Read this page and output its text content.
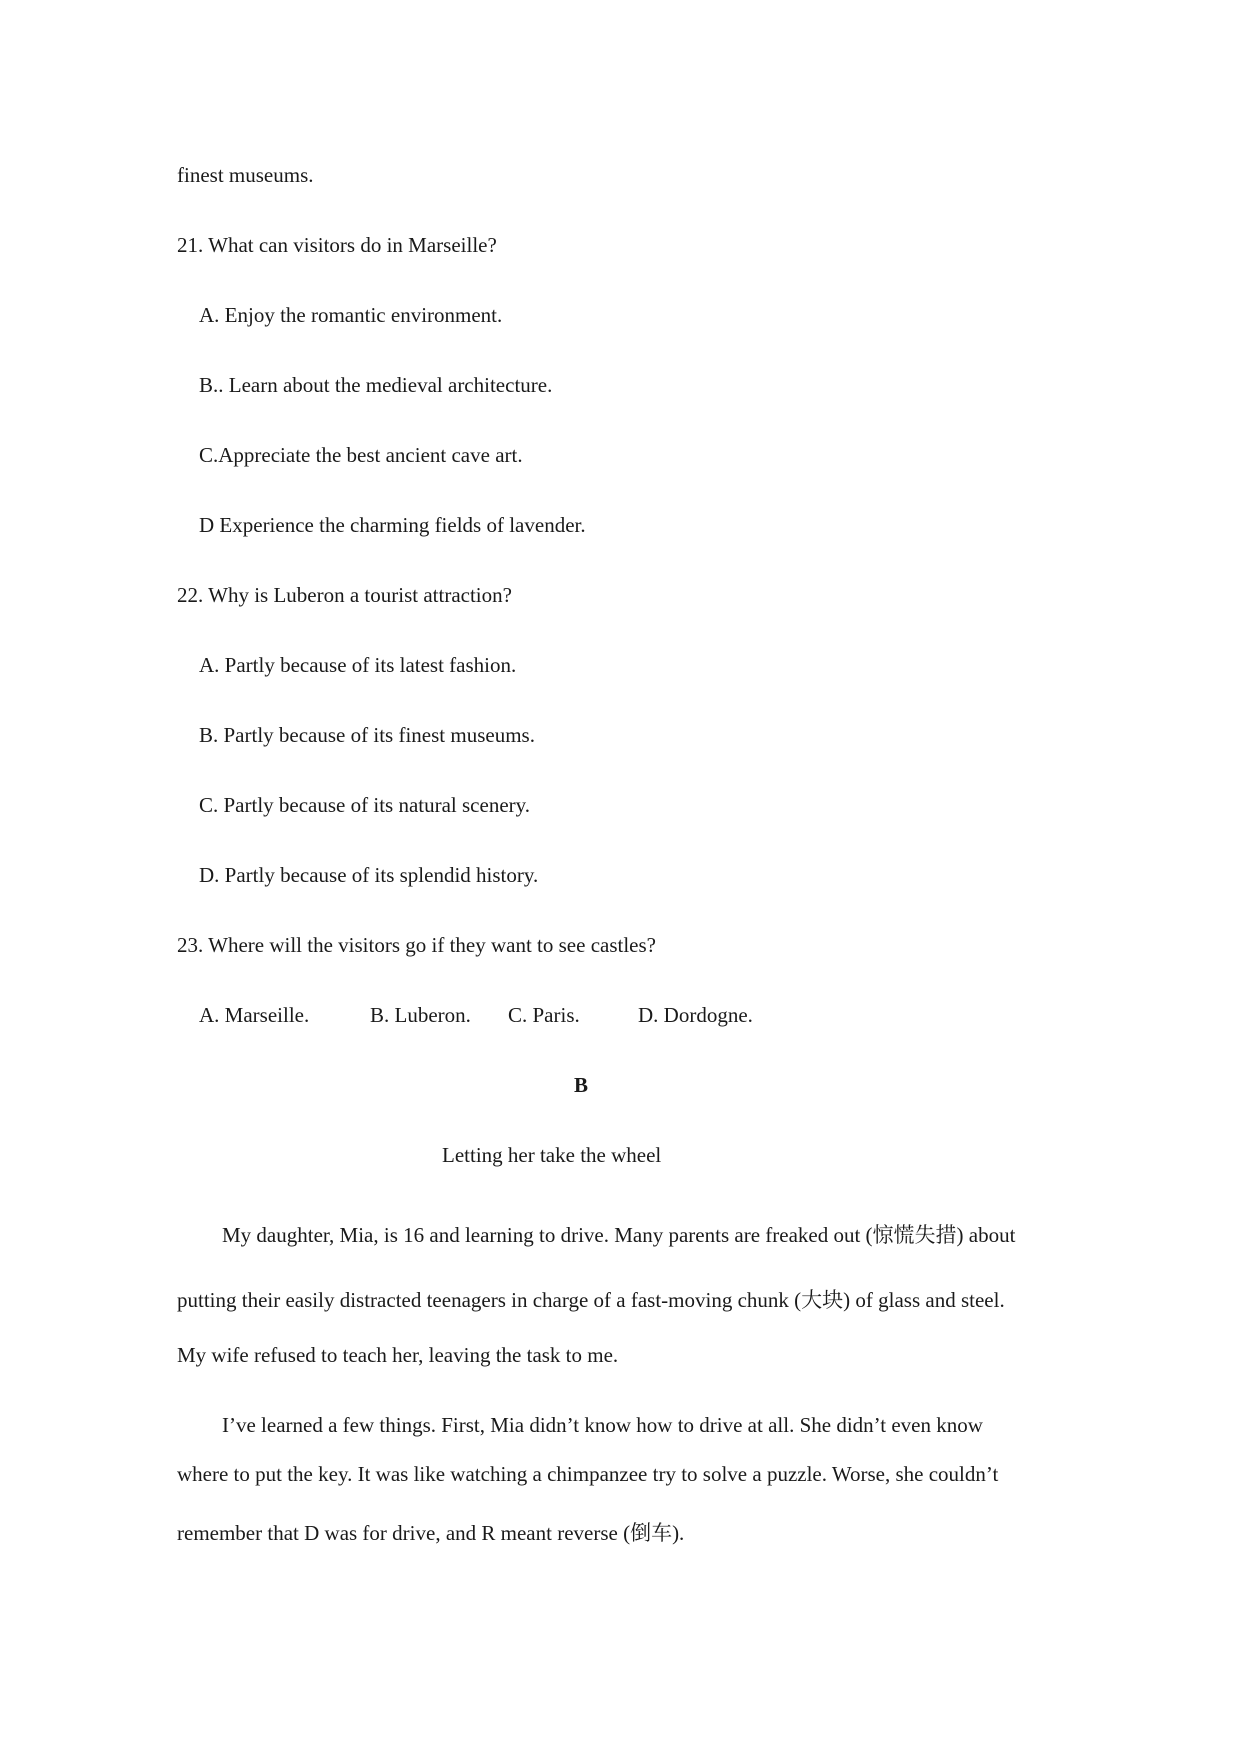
finest museums.
21. What can visitors do in Marseille?
A. Enjoy the romantic environment.
B.. Learn about the medieval architecture.
C.Appreciate the best ancient cave art.
D Experience the charming fields of lavender.
22. Why is Luberon a tourist attraction?
A. Partly because of its latest fashion.
B. Partly because of its finest museums.
C. Partly because of its natural scenery.
D. Partly because of its splendid history.
23. Where will the visitors go if they want to see castles?
A. Marseille.	B. Luberon.	C. Paris.	D. Dordogne.
B
Letting her take the wheel
My daughter, Mia, is 16 and learning to drive. Many parents are freaked out (惊慌失措) about
putting their easily distracted teenagers in charge of a fast-moving chunk (大块) of glass and steel.
My wife refused to teach her, leaving the task to me.
I’ve learned a few things. First, Mia didn’t know how to drive at all. She didn’t even know
where to put the key. It was like watching a chimpanzee try to solve a puzzle. Worse, she couldn’t
remember that D was for drive, and R meant reverse (倒车).
